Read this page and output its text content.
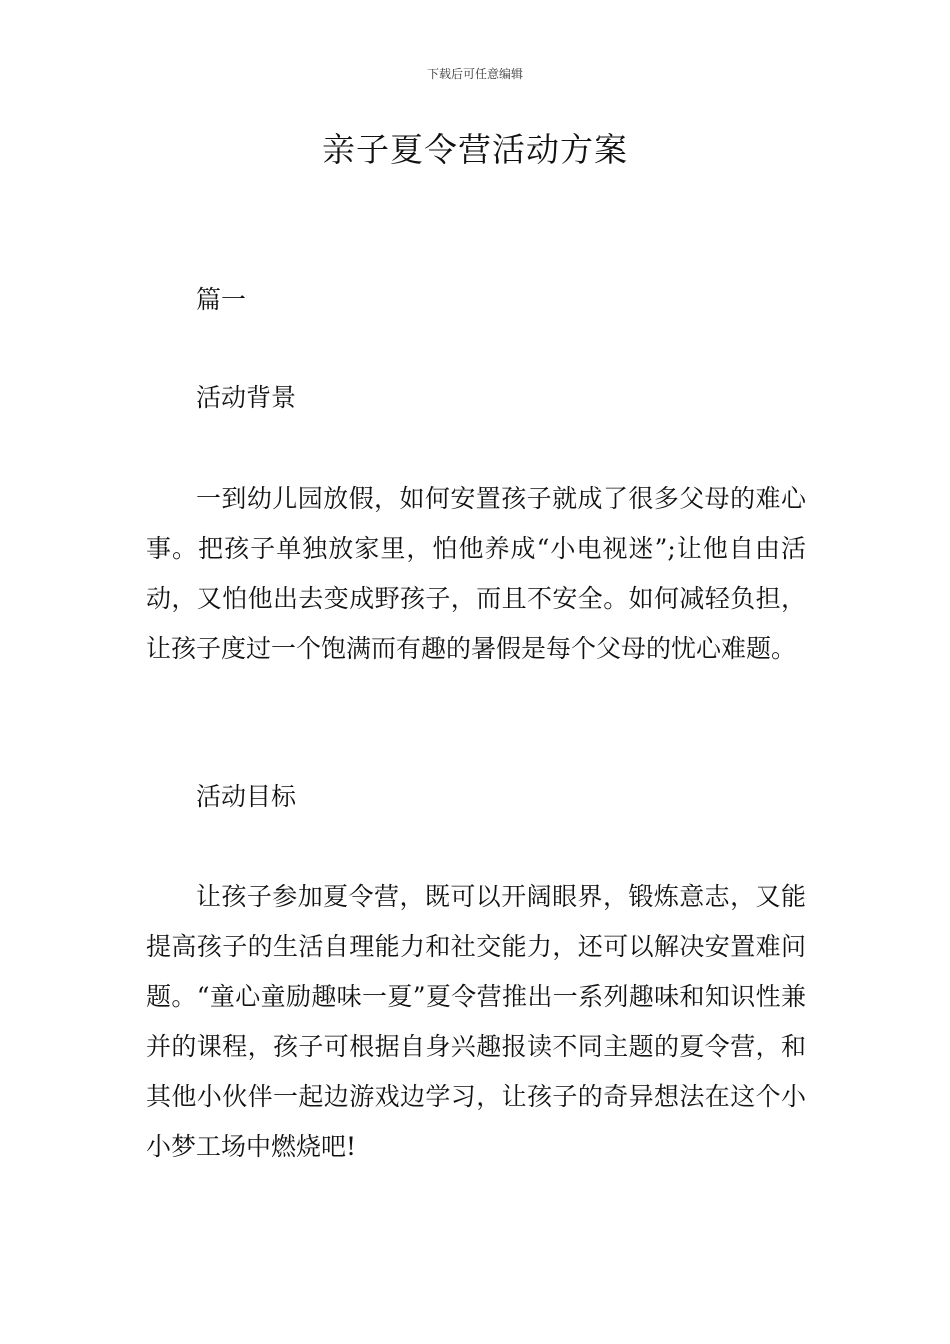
下载后可任意编辑
亲子夏令营活动方案
篇一
活动背景

一到幼儿园放假，如何安置孩子就成了很多父母的难心事。把孩子单独放家里，怕他养成“小电视迷”;让他自由活动，又怕他出去变成野孩子，而且不安全。如何减轻负担，让孩子度过一个饱满而有趣的暑假是每个父母的忧心难题。

活动目标

让孩子参加夏令营，既可以开阔眼界，锻炼意志，又能提高孩子的生活自理能力和社交能力，还可以解决安置难问题。“童心童励趣味一夏”夏令营推出一系列趣味和知识性兼并的课程，孩子可根据自身兴趣报读不同主题的夏令营，和其他小伙伴一起边游戏边学习，让孩子的奇异想法在这个小小梦工场中燃烧吧!
